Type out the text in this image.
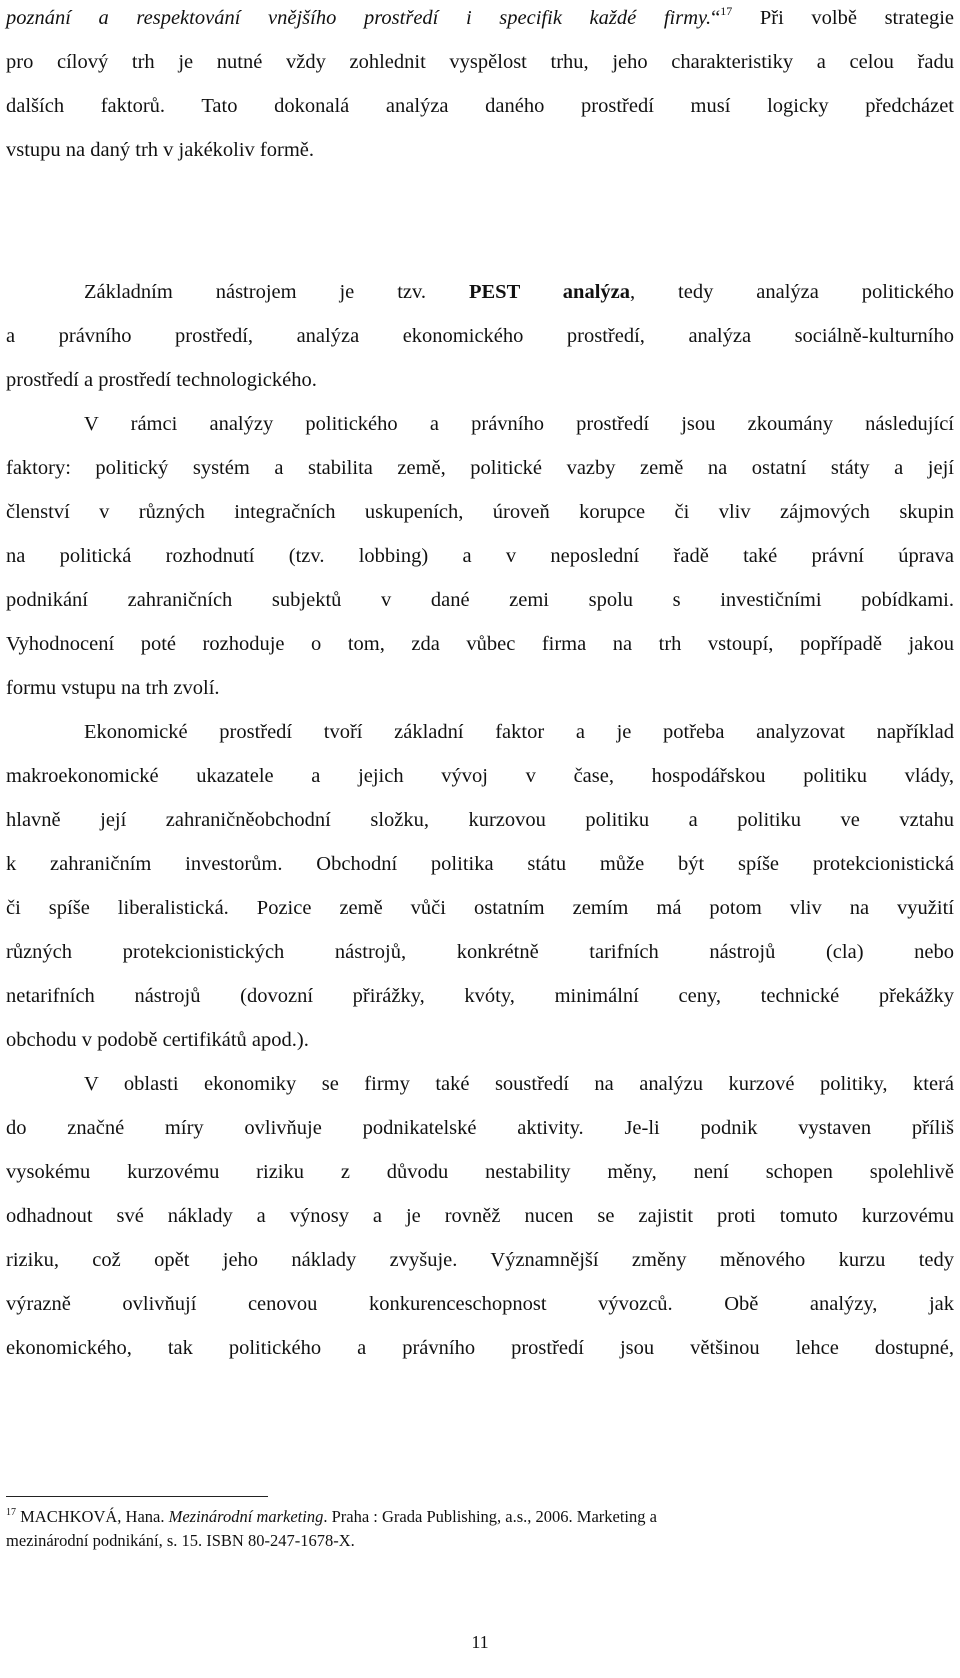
poznání a respektování vnějšího prostředí i specifik každé firmy.“$^{17}$ Při volbě strategie
pro cílový trh je nutné vždy zohlednit vyspělost trhu, jeho charakteristiky a celou řadu
dalších faktorů. Tato dokonalá analýza daného prostředí musí logicky předcházet
vstupu na daný trh v jakékoliv formě.
Základním nástrojem je tzv. PEST analýza, tedy analýza politického
a právního prostředí, analýza ekonomického prostředí, analýza sociálně-kulturního
prostředí a prostředí technologického.
V rámci analýzy politického a právního prostředí jsou zkoumány následující
faktory: politický systém a stabilita země, politické vazby země na ostatní státy a její
členství v různých integračních uskupeních, úroveň korupce či vliv zájmových skupin
na politická rozhodnutí (tzv. lobbing) a v neposlední řadě také právní úprava
podnikání zahraničních subjektů v dané zemi spolu s investičními pobídkami.
Vyhodnocení poté rozhoduje o tom, zda vůbec firma na trh vstoupí, popřípadě jakou
formu vstupu na trh zvolí.
Ekonomické prostředí tvoří základní faktor a je potřeba analyzovat například
makroekonomické ukazatele a jejich vývoj v čase, hospodářskou politiku vlády,
hlavně její zahraničněobchodní složku, kurzovou politiku a politiku ve vztahu
k zahraničním investorům. Obchodní politika státu může být spíše protekcionistická
či spíše liberalistická. Pozice země vůči ostatním zemím má potom vliv na využití
různých protekcionistických nástrojů, konkrétně tarifních nástrojů (cla) nebo
netarifních nástrojů (dovozní přirážky, kvóty, minimální ceny, technické překážky
obchodu v podobě certifikátů apod.).
V oblasti ekonomiky se firmy také soustředí na analýzu kurzové politiky, která
do značné míry ovlivňuje podnikatelské aktivity. Je-li podnik vystaven příliš
vysokému kurzovému riziku z důvodu nestability měny, není schopen spolehlivě
odhadnout své náklady a výnosy a je rovněž nucen se zajistit proti tomuto kurzovému
riziku, což opět jeho náklady zvyšuje. Významnější změny měnového kurzu tedy
výrazně ovlivňují cenovou konkurenceschopnost vývozců. Obě analýzy, jak
ekonomického, tak politického a právního prostředí jsou většinou lehce dostupné,
$^{17}$ MACHKOVÁ, Hana. Mezinárodní marketing. Praha : Grada Publishing, a.s., 2006. Marketing a
mezinárodní podnikání, s. 15. ISBN 80-247-1678-X.
11
